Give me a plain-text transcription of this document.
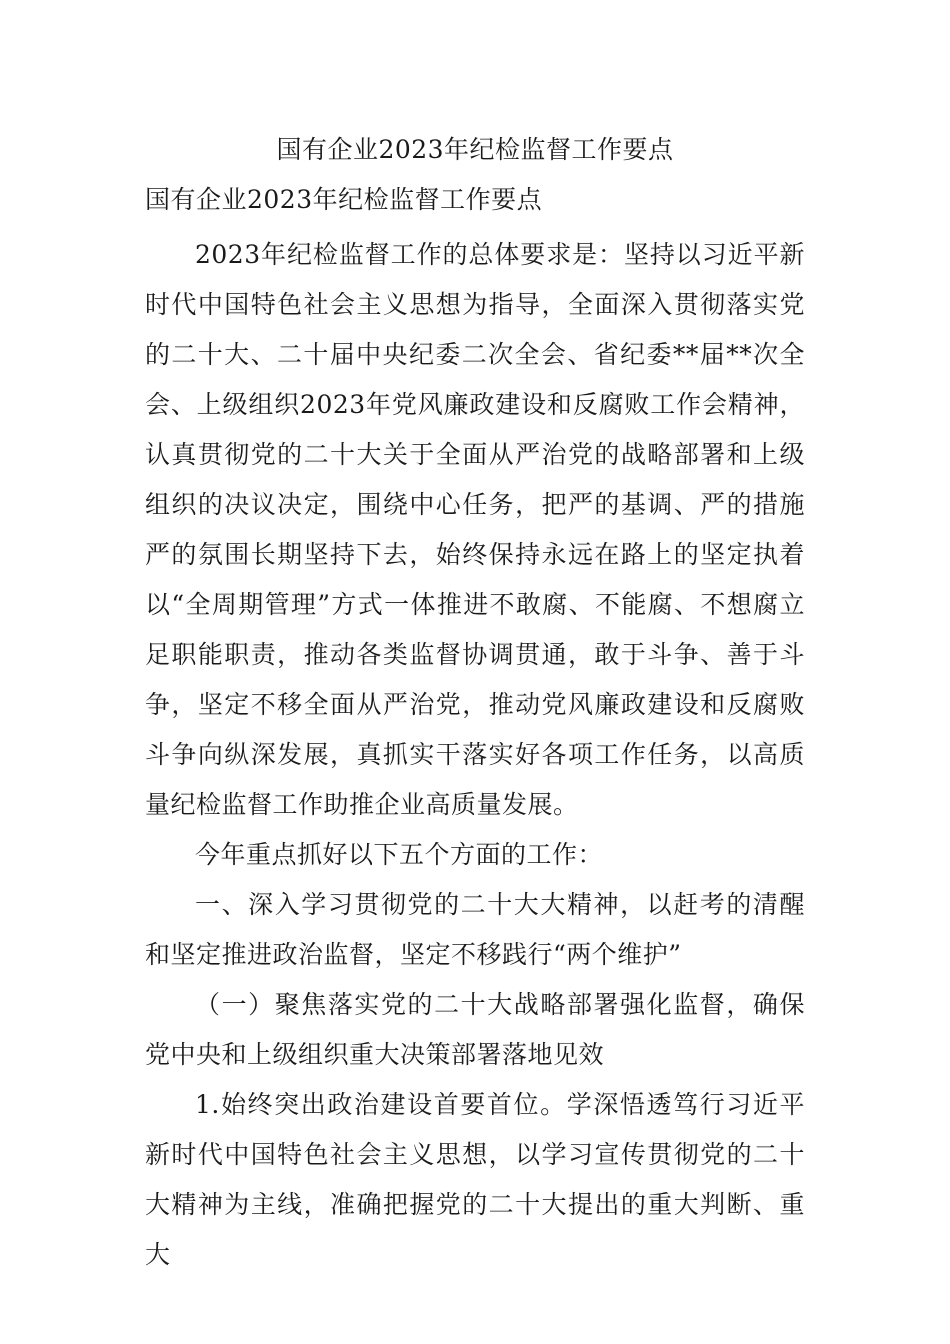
国有企业2023年纪检监督工作要点
国有企业2023年纪检监督工作要点

2023年纪检监督工作的总体要求是：坚持以习近平新时代中国特色社会主义思想为指导，全面深入贯彻落实党的二十大、二十届中央纪委二次全会、省纪委**届**次全会、上级组织2023年党风廉政建设和反腐败工作会精神，认真贯彻党的二十大关于全面从严治党的战略部署和上级组织的决议决定，围绕中心任务，把严的基调、严的措施严的氛围长期坚持下去，始终保持永远在路上的坚定执着以“全周期管理”方式一体推进不敢腐、不能腐、不想腐立足职能职责，推动各类监督协调贯通，敢于斗争、善于斗争，坚定不移全面从严治党，推动党风廉政建设和反腐败斗争向纵深发展，真抓实干落实好各项工作任务，以高质量纪检监督工作助推企业高质量发展。

今年重点抓好以下五个方面的工作：

一、深入学习贯彻党的二十大大精神，以赶考的清醒和坚定推进政治监督，坚定不移践行“两个维护”

（一）聚焦落实党的二十大战略部署强化监督，确保党中央和上级组织重大决策部署落地见效

1.始终突出政治建设首要首位。学深悟透笃行习近平新时代中国特色社会主义思想，以学习宣传贯彻党的二十大精神为主线，准确把握党的二十大提出的重大判断、重大
